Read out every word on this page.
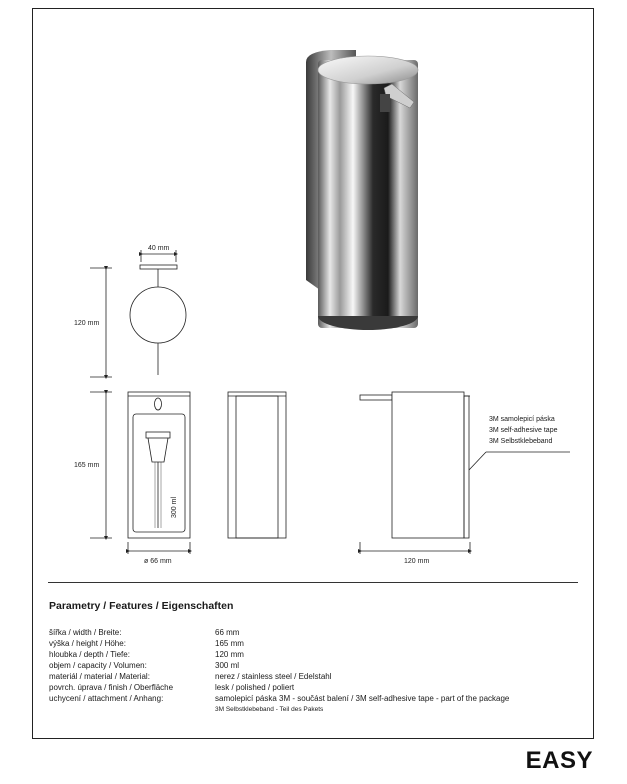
300 ml
40 mm
120 mm
165 mm
ø 66 mm	120 mm
3M samolepicí páska
3M self-adhesive tape
3M Selbstklebeband
Parametry / Features / Eigenschaften
šířka / width / Breite:	66 mm
výška / height / Höhe:	165 mm
hloubka / depth / Tiefe:	120 mm
objem / capacity / Volumen:	300 ml
materiál / material / Material:	nerez / stainless steel / Edelstahl
povrch. úprava / finish / Oberfläche	lesk / polished / poliert
uchycení / attachment / Anhang:	samolepicí páska 3M - součást balení / 3M self-adhesive tape - part of the package
3M Selbstklebeband - Teil des Pakets
EASY
